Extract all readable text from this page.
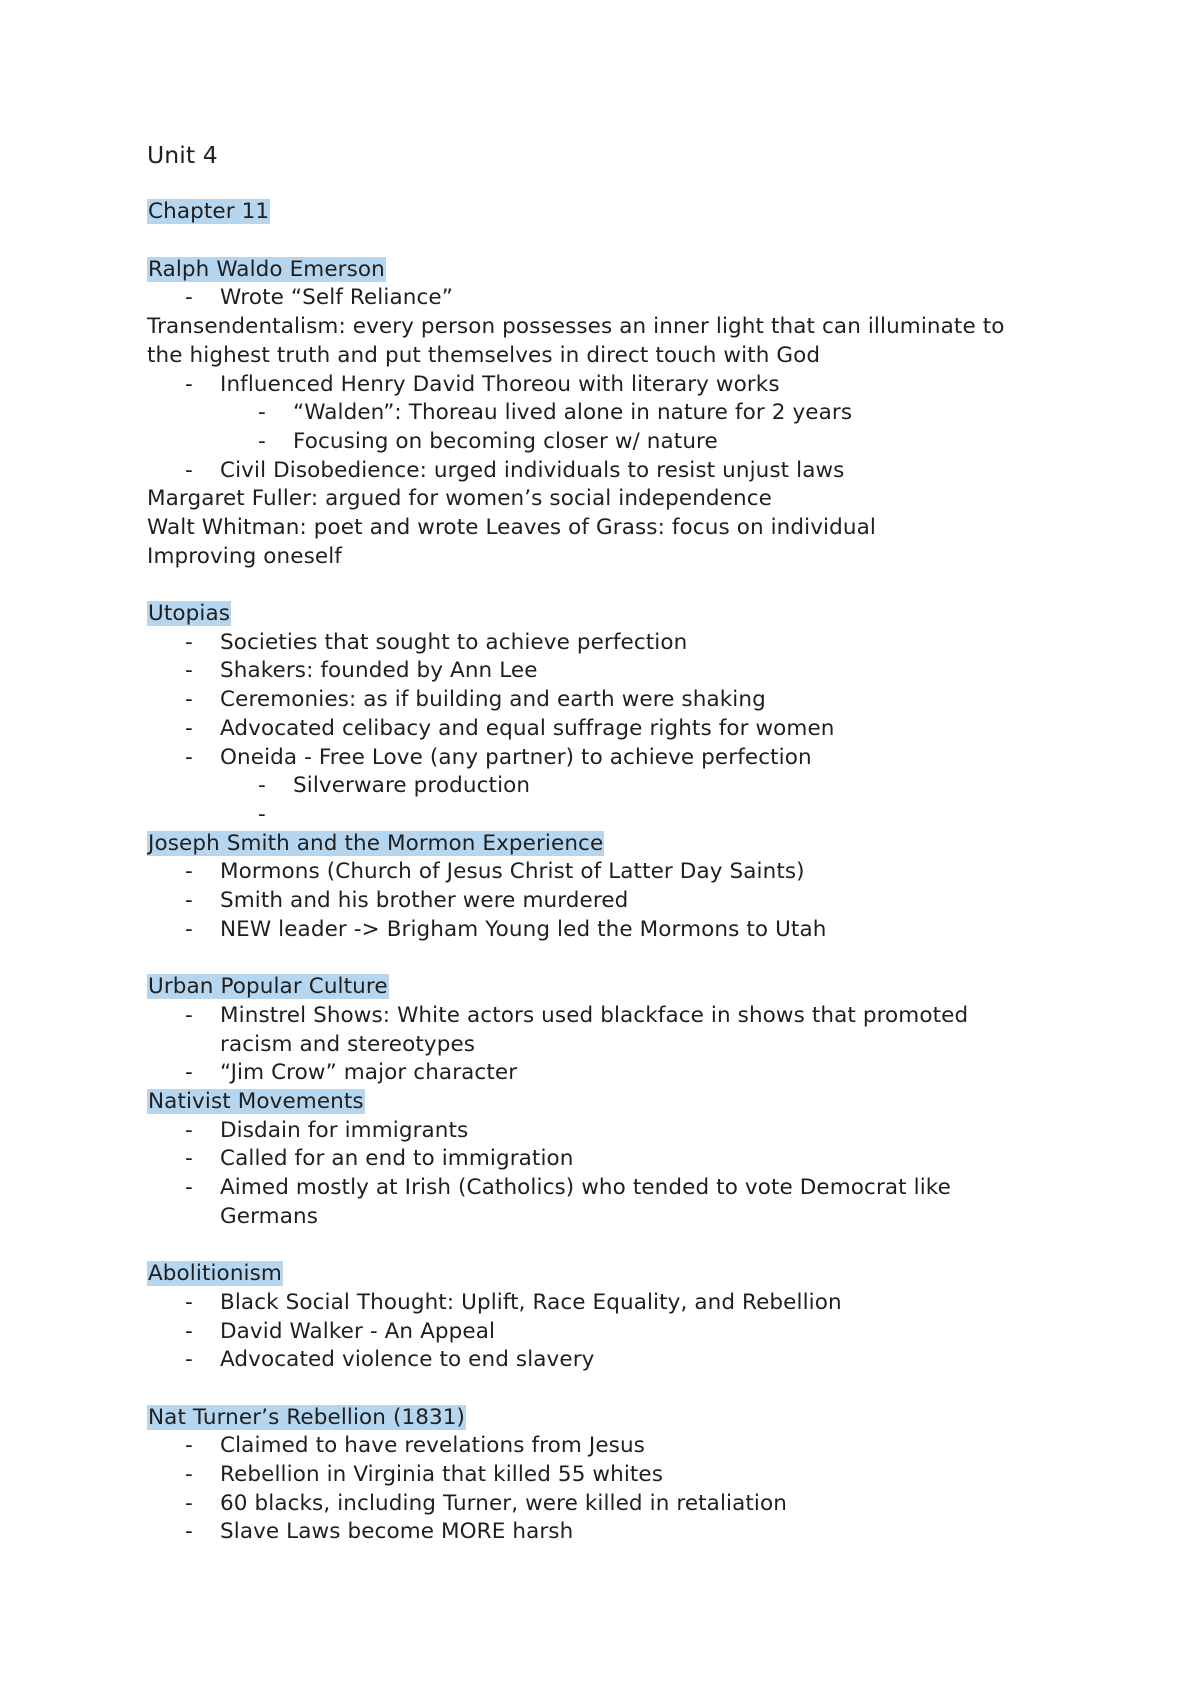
Unit 4
Chapter 11
Ralph Waldo Emerson
-	Wrote “Self Reliance”
Transendentalism: every person possesses an inner light that can illuminate to
the highest truth and put themselves in direct touch with God
-	Influenced Henry David Thoreou with literary works
-	“Walden”: Thoreau lived alone in nature for 2 years
-	Focusing on becoming closer w/ nature
-	Civil Disobedience: urged individuals to resist unjust laws
Margaret Fuller: argued for women’s social independence
Walt Whitman: poet and wrote Leaves of Grass: focus on individual
Improving oneself
Utopias
-	Societies that sought to achieve perfection
-	Shakers: founded by Ann Lee
-	Ceremonies: as if building and earth were shaking
-	Advocated celibacy and equal suffrage rights for women
-	Oneida - Free Love (any partner) to achieve perfection
-	Silverware production
-
Joseph Smith and the Mormon Experience
-	Mormons (Church of Jesus Christ of Latter Day Saints)
-	Smith and his brother were murdered
-	NEW leader -> Brigham Young led the Mormons to Utah
Urban Popular Culture
-	Minstrel Shows: White actors used blackface in shows that promoted
racism and stereotypes
-	“Jim Crow” major character
Nativist Movements
-	Disdain for immigrants
-	Called for an end to immigration
-	Aimed mostly at Irish (Catholics) who tended to vote Democrat like
Germans
Abolitionism
-	Black Social Thought: Uplift, Race Equality, and Rebellion
-	David Walker - An Appeal
-	Advocated violence to end slavery
Nat Turner’s Rebellion (1831)
-	Claimed to have revelations from Jesus
-	Rebellion in Virginia that killed 55 whites
-	60 blacks, including Turner, were killed in retaliation
-	Slave Laws become MORE harsh
